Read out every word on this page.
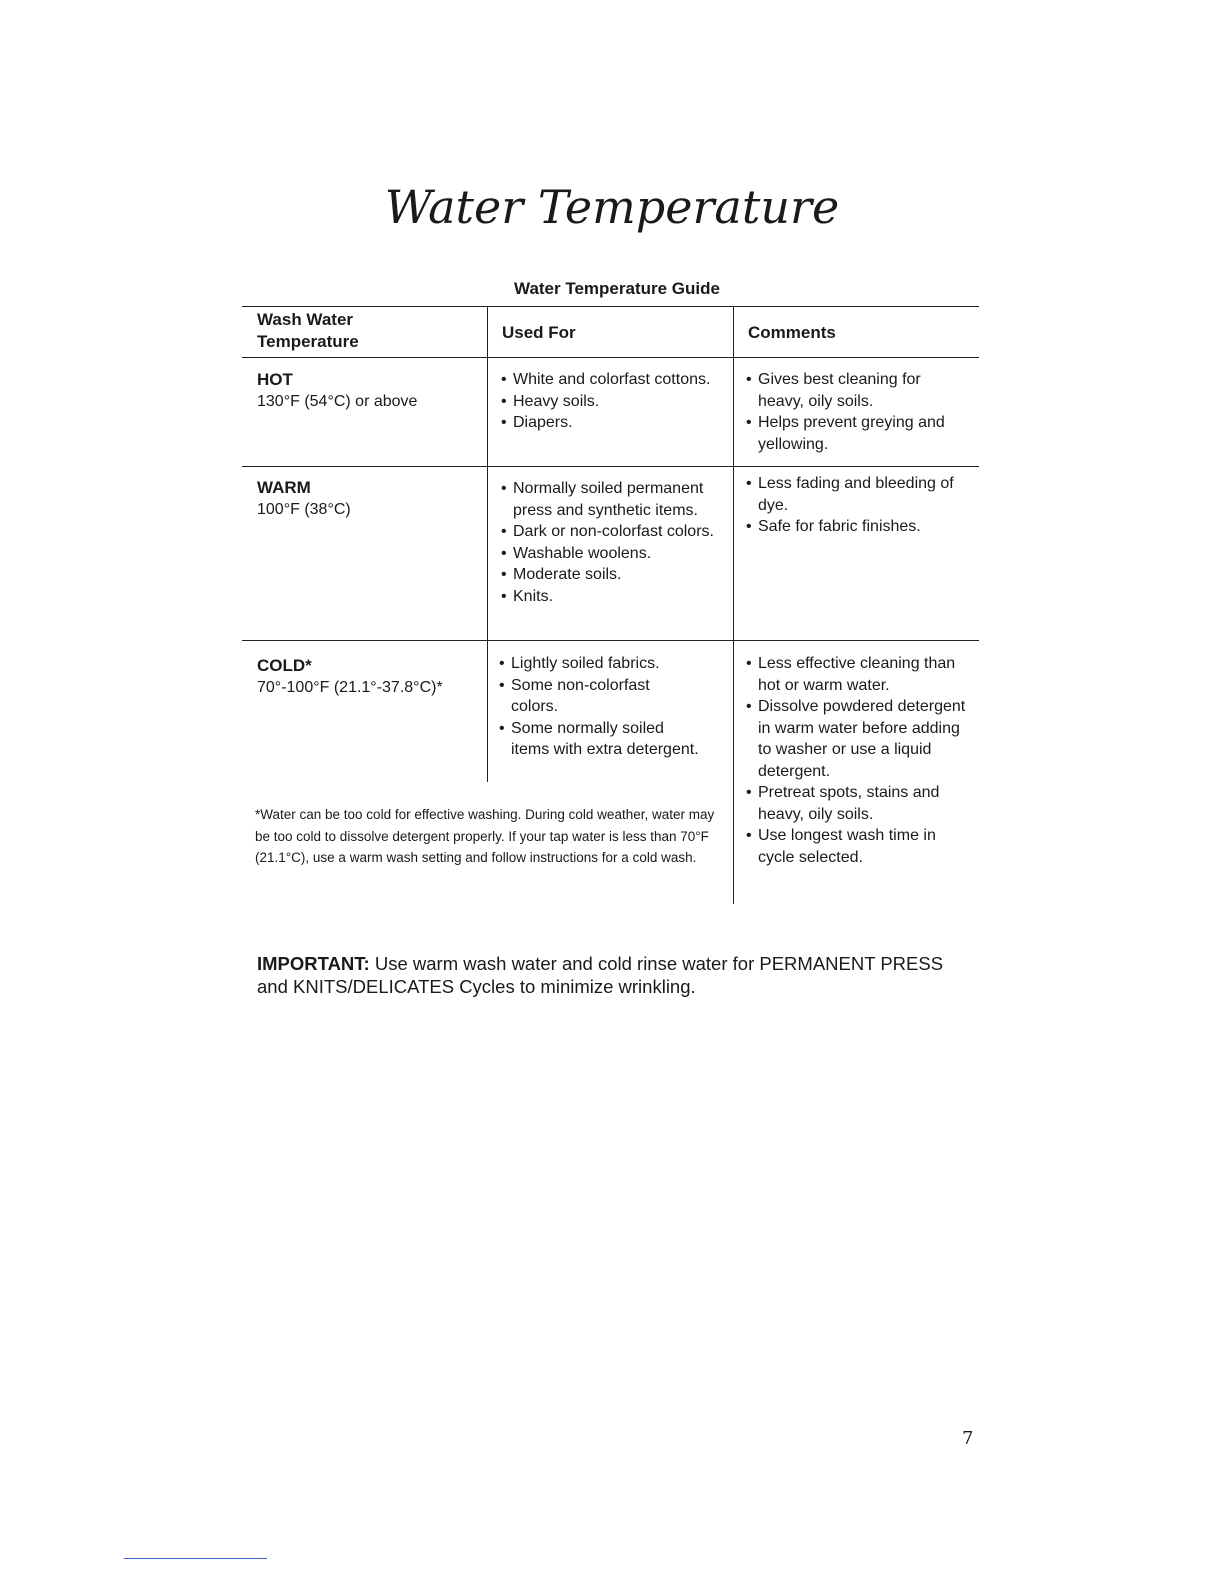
Water Temperature
Water Temperature Guide
Wash Water Temperature	Used For	Comments
HOT
130°F (54°C) or above
• White and colorfast cottons.
• Heavy soils.
• Diapers.
• Gives best cleaning for heavy, oily soils.
• Helps prevent greying and yellowing.
WARM
100°F (38°C)
• Normally soiled permanent press and synthetic items.
• Dark or non-colorfast colors.
• Washable woolens.
• Moderate soils.
• Knits.
• Less fading and bleeding of dye.
• Safe for fabric finishes.
COLD*
70°-100°F (21.1°-37.8°C)*
• Lightly soiled fabrics.
• Some non-colorfast colors.
• Some normally soiled items with extra detergent.
• Less effective cleaning than hot or warm water.
• Dissolve powdered detergent in warm water before adding to washer or use a liquid detergent.
• Pretreat spots, stains and heavy, oily soils.
• Use longest wash time in cycle selected.
*Water can be too cold for effective washing. During cold weather, water may be too cold to dissolve detergent properly. If your tap water is less than 70°F (21.1°C), use a warm wash setting and follow instructions for a cold wash.
IMPORTANT: Use warm wash water and cold rinse water for PERMANENT PRESS and KNITS/DELICATES Cycles to minimize wrinkling.
7
